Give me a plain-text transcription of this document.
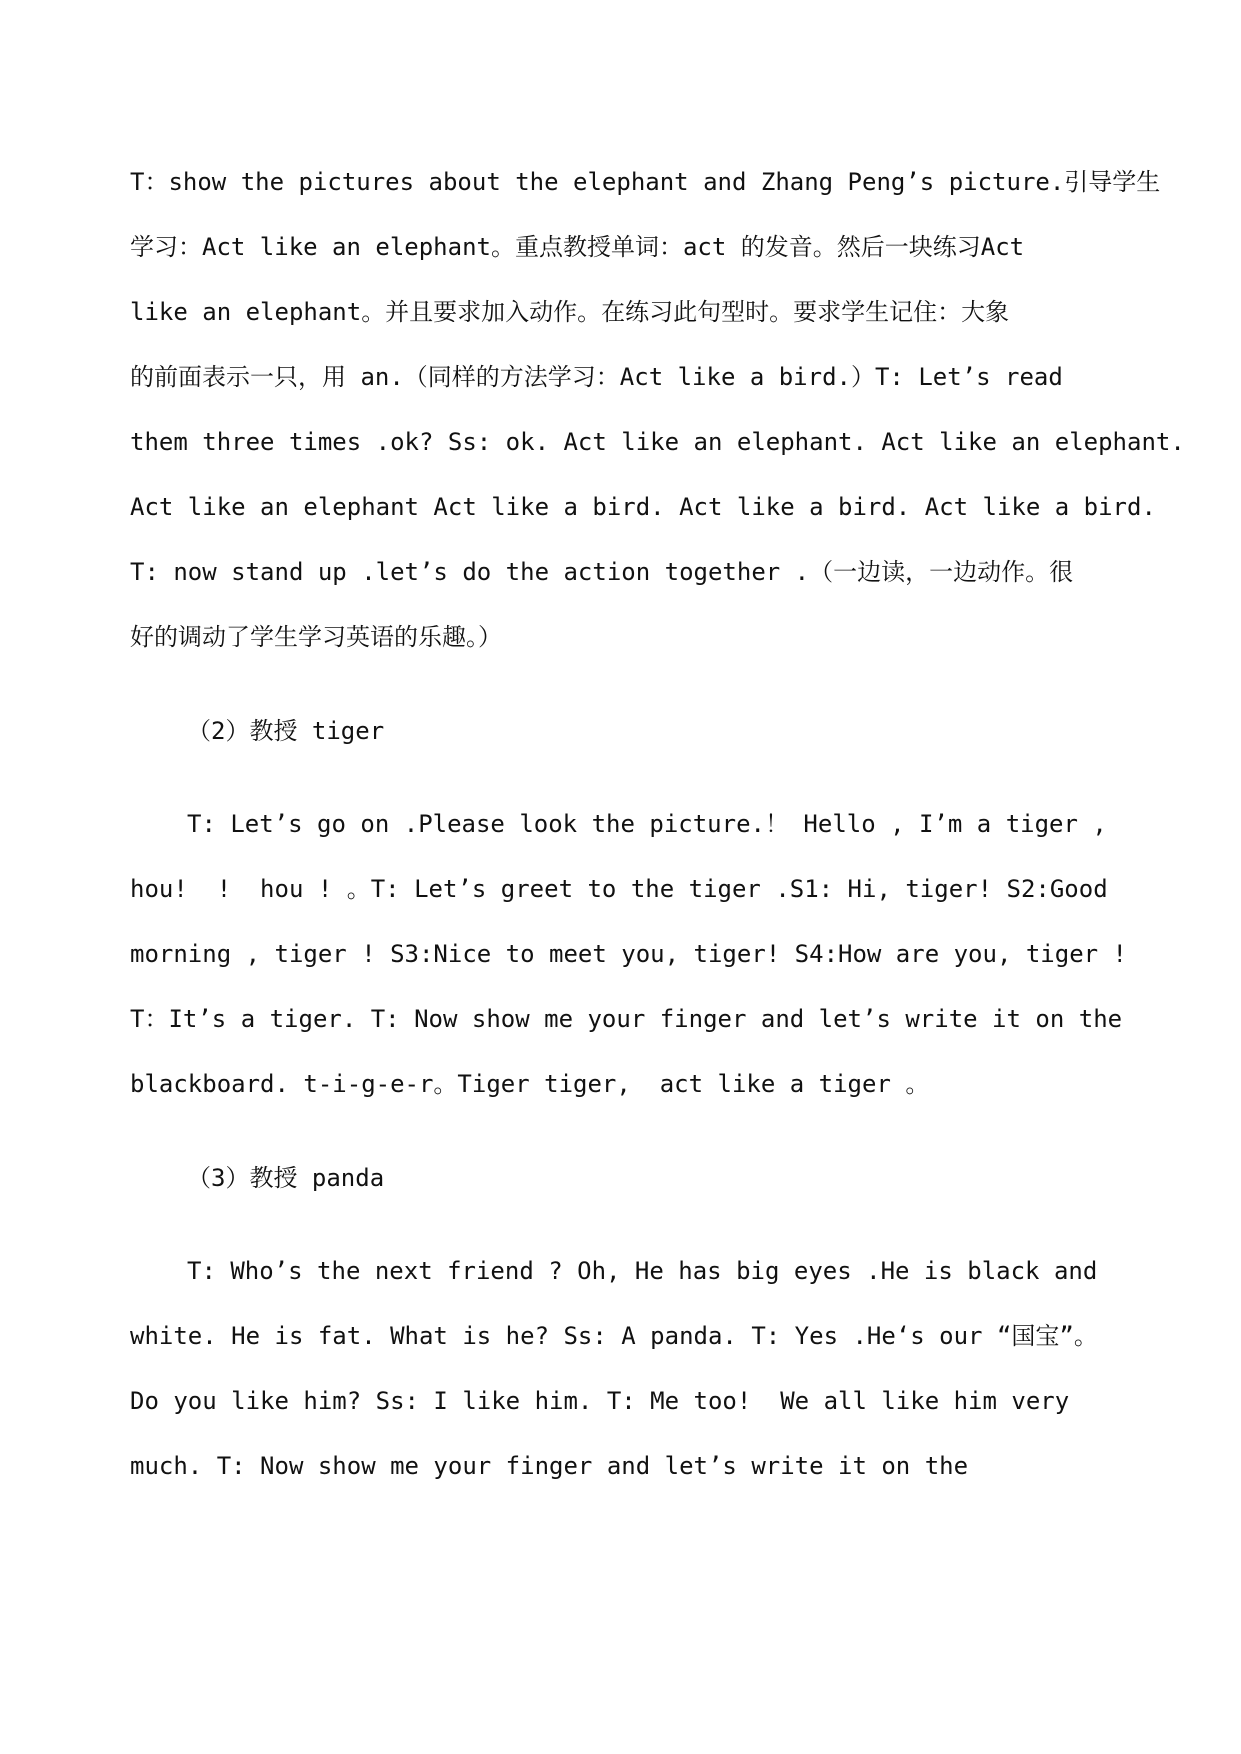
T：show the pictures about the elephant and Zhang Peng’s picture.引导学生
学习：Act like an elephant。重点教授单词：act 的发音。然后一块练习Act
like an elephant。并且要求加入动作。在练习此句型时。要求学生记住：大象
的前面表示一只，用 an.（同样的方法学习：Act like a bird.）T: Let’s read
them three times .ok? Ss: ok. Act like an elephant. Act like an elephant.
Act like an elephant Act like a bird. Act like a bird. Act like a bird.
T: now stand up .let’s do the action together .（一边读，一边动作。很
好的调动了学生学习英语的乐趣。）
（2）教授 tiger
T: Let’s go on .Please look the picture.！ Hello , I’m a tiger ,
hou!  !  hou ! 。T: Let’s greet to the tiger .S1: Hi, tiger! S2:Good
morning , tiger ! S3:Nice to meet you, tiger! S4:How are you, tiger !
T：It’s a tiger. T: Now show me your finger and let’s write it on the
blackboard. t-i-g-e-r。Tiger tiger,  act like a tiger 。
（3）教授 panda
T: Who’s the next friend ? Oh, He has big eyes .He is black and
white. He is fat. What is he? Ss: A panda. T: Yes .He‘s our “国宝”。
Do you like him? Ss: I like him. T: Me too!  We all like him very
much. T: Now show me your finger and let’s write it on the
